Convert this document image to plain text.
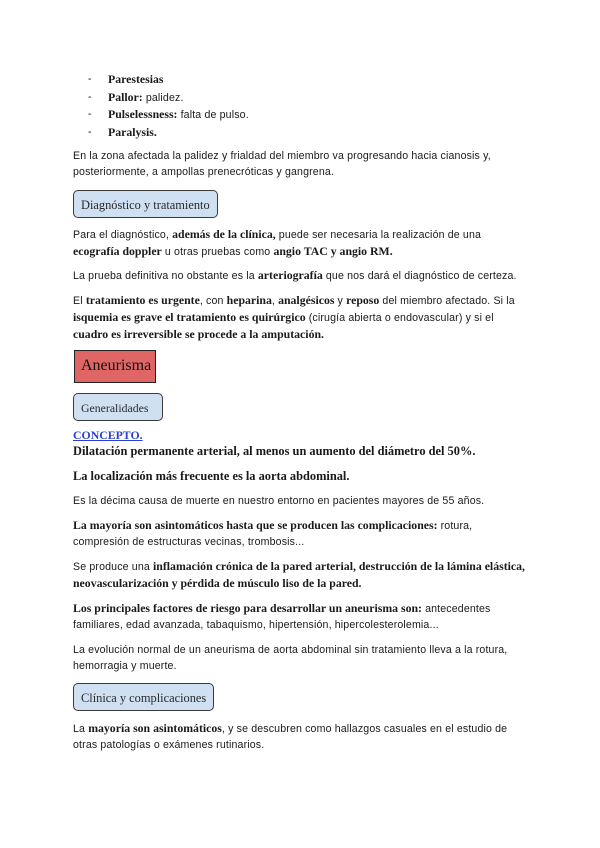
- Parestesias
- Pallor: palidez.
- Pulselessness: falta de pulso.
- Paralysis.
En la zona afectada la palidez y frialdad del miembro va progresando hacia cianosis y, posteriormente, a ampollas prenecróticas y gangrena.
Diagnóstico y tratamiento
Para el diagnóstico, además de la clínica, puede ser necesaria la realización de una ecografía doppler u otras pruebas como angio TAC y angio RM.
La prueba definitiva no obstante es la arteriografía que nos dará el diagnóstico de certeza.
El tratamiento es urgente, con heparina, analgésicos y reposo del miembro afectado. Si la isquemia es grave el tratamiento es quirúrgico (cirugía abierta o endovascular) y si el cuadro es irreversible se procede a la amputación.
Aneurisma
Generalidades
CONCEPTO.
Dilatación permanente arterial, al menos un aumento del diámetro del 50%.
La localización más frecuente es la aorta abdominal.
Es la décima causa de muerte en nuestro entorno en pacientes mayores de 55 años.
La mayoría son asintomáticos hasta que se producen las complicaciones: rotura, compresión de estructuras vecinas, trombosis...
Se produce una inflamación crónica de la pared arterial, destrucción de la lámina elástica, neovascularización y pérdida de músculo liso de la pared.
Los principales factores de riesgo para desarrollar un aneurisma son: antecedentes familiares, edad avanzada, tabaquismo, hipertensión, hipercolesterolemia...
La evolución normal de un aneurisma de aorta abdominal sin tratamiento lleva a la rotura, hemorragia y muerte.
Clínica y complicaciones
La mayoría son asintomáticos, y se descubren como hallazgos casuales en el estudio de otras patologías o exámenes rutinarios.
